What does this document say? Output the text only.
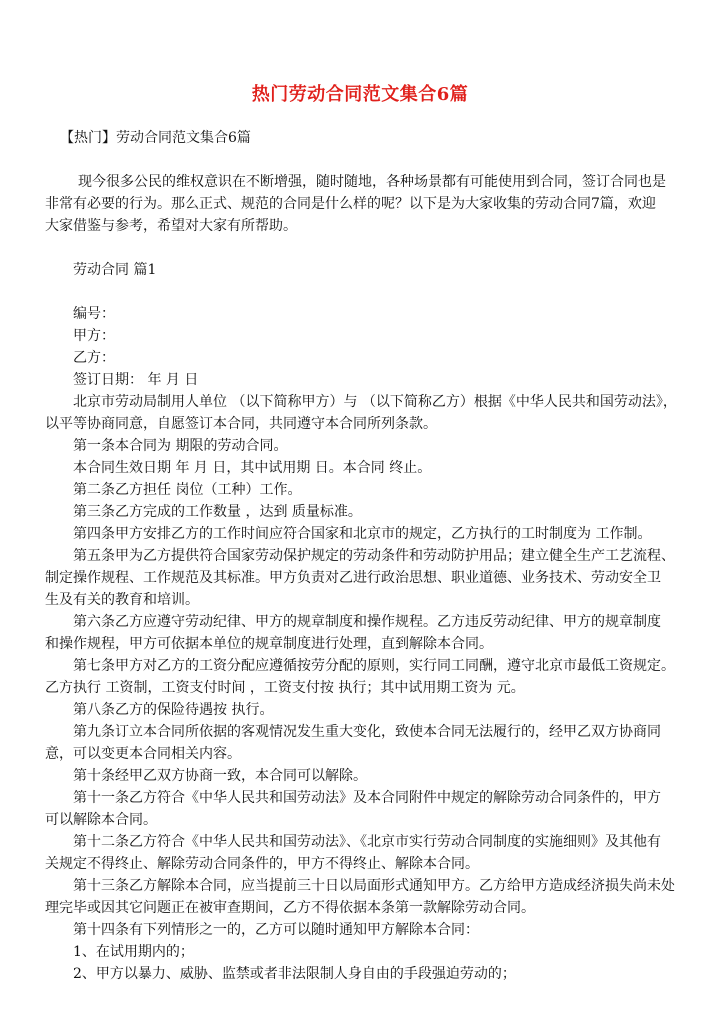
热门劳动合同范文集合6篇
【热门】劳动合同范文集合6篇
现今很多公民的维权意识在不断增强，随时随地，各种场景都有可能使用到合同，签订合同也是
非常有必要的行为。那么正式、规范的合同是什么样的呢？以下是为大家收集的劳动合同7篇，欢迎
大家借鉴与参考，希望对大家有所帮助。
劳动合同 篇1
编号：
甲方：
乙方：
签订日期： 年 月 日
北京市劳动局制用人单位 （以下简称甲方）与 （以下简称乙方）根据《中华人民共和国劳动法》，
以平等协商同意，自愿签订本合同，共同遵守本合同所列条款。
第一条本合同为 期限的劳动合同。
本合同生效日期 年 月 日，其中试用期 日。本合同 终止。
第二条乙方担任 岗位（工种）工作。
第三条乙方完成的工作数量 ，达到 质量标准。
第四条甲方安排乙方的工作时间应符合国家和北京市的规定，乙方执行的工时制度为 工作制。
第五条甲为乙方提供符合国家劳动保护规定的劳动条件和劳动防护用品；建立健全生产工艺流程、
制定操作规程、工作规范及其标准。甲方负责对乙进行政治思想、职业道德、业务技术、劳动安全卫
生及有关的教育和培训。
第六条乙方应遵守劳动纪律、甲方的规章制度和操作规程。乙方违反劳动纪律、甲方的规章制度
和操作规程，甲方可依据本单位的规章制度进行处理，直到解除本合同。
第七条甲方对乙方的工资分配应遵循按劳分配的原则，实行同工同酬，遵守北京市最低工资规定。
乙方执行 工资制，工资支付时间 ，工资支付按 执行；其中试用期工资为 元。
第八条乙方的保险待遇按 执行。
第九条订立本合同所依据的客观情况发生重大变化，致使本合同无法履行的，经甲乙双方协商同
意，可以变更本合同相关内容。
第十条经甲乙双方协商一致，本合同可以解除。
第十一条乙方符合《中华人民共和国劳动法》及本合同附件中规定的解除劳动合同条件的，甲方
可以解除本合同。
第十二条乙方符合《中华人民共和国劳动法》、《北京市实行劳动合同制度的实施细则》及其他有
关规定不得终止、解除劳动合同条件的，甲方不得终止、解除本合同。
第十三条乙方解除本合同，应当提前三十日以局面形式通知甲方。乙方给甲方造成经济损失尚未处
理完毕或因其它问题正在被审查期间，乙方不得依据本条第一款解除劳动合同。
第十四条有下列情形之一的，乙方可以随时通知甲方解除本合同：
1、在试用期内的；
2、甲方以暴力、威胁、监禁或者非法限制人身自由的手段强迫劳动的；
